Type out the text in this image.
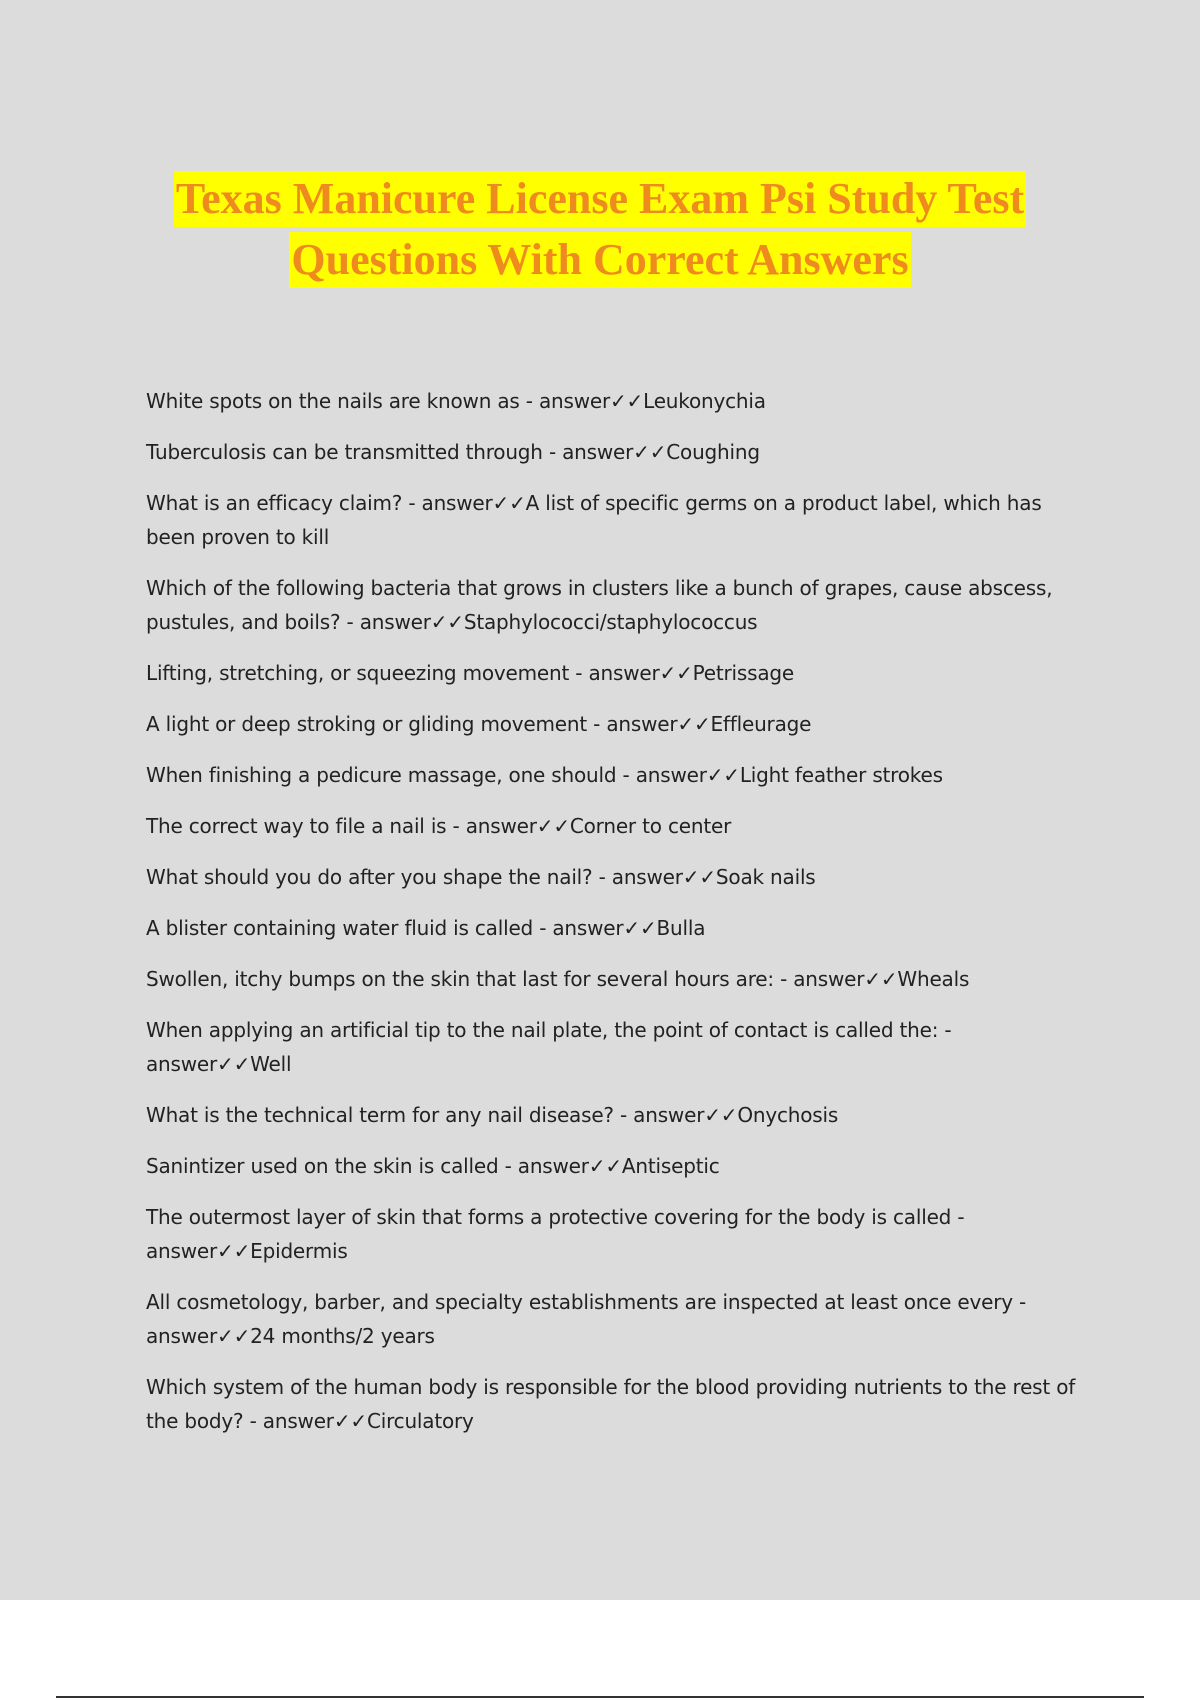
Texas Manicure License Exam Psi Study Test
Questions With Correct Answers

White spots on the nails are known as - answer✓✓Leukonychia

Tuberculosis can be transmitted through - answer✓✓Coughing

What is an efficacy claim? - answer✓✓A list of specific germs on a product label, which has been proven to kill

Which of the following bacteria that grows in clusters like a bunch of grapes, cause abscess, pustules, and boils? - answer✓✓Staphylococci/staphylococcus

Lifting, stretching, or squeezing movement - answer✓✓Petrissage

A light or deep stroking or gliding movement - answer✓✓Effleurage

When finishing a pedicure massage, one should - answer✓✓Light feather strokes

The correct way to file a nail is - answer✓✓Corner to center

What should you do after you shape the nail? - answer✓✓Soak nails

A blister containing water fluid is called - answer✓✓Bulla

Swollen, itchy bumps on the skin that last for several hours are: - answer✓✓Wheals

When applying an artificial tip to the nail plate, the point of contact is called the: - answer✓✓Well

What is the technical term for any nail disease? - answer✓✓Onychosis

Sanintizer used on the skin is called - answer✓✓Antiseptic

The outermost layer of skin that forms a protective covering for the body is called - answer✓✓Epidermis

All cosmetology, barber, and specialty establishments are inspected at least once every - answer✓✓24 months/2 years

Which system of the human body is responsible for the blood providing nutrients to the rest of the body? - answer✓✓Circulatory
